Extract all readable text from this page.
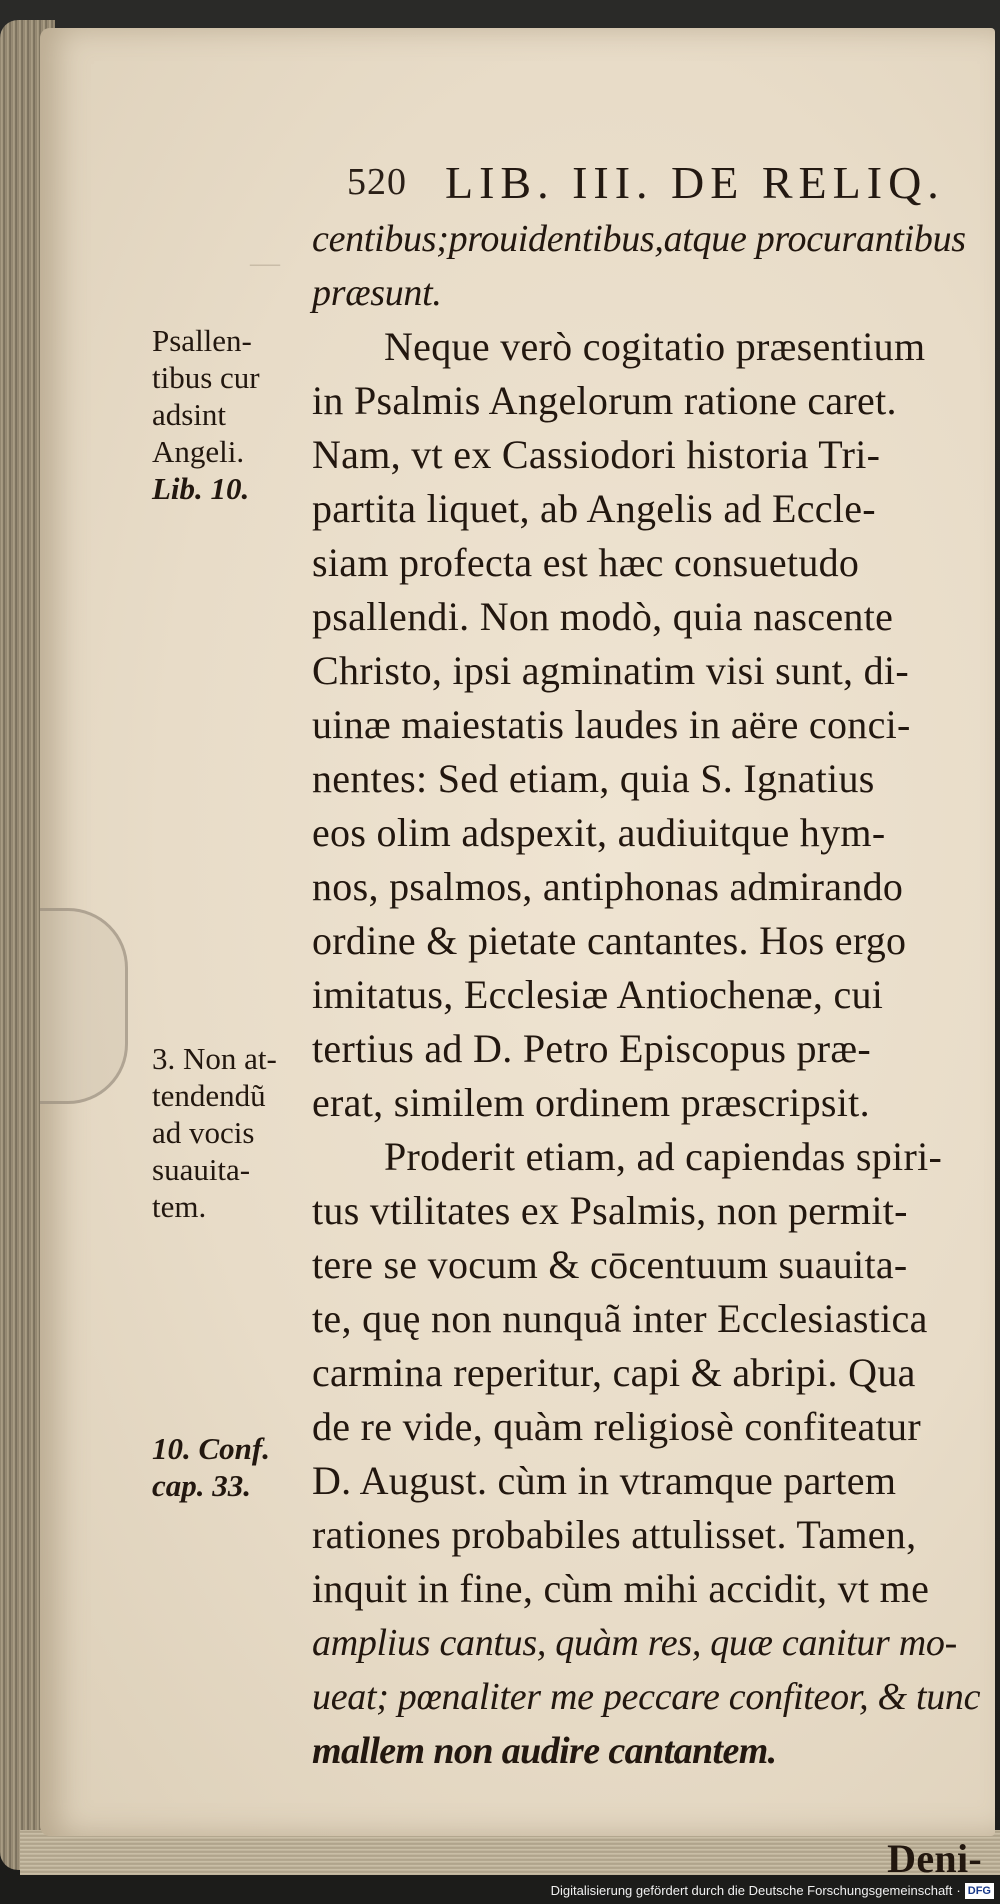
—
520 LIB. III. DE RELIQ.
centibus;prouidentibus,atque procurantibus
præsunt.
Neque verò cogitatio præsentium
in Psalmis Angelorum ratione caret.
Nam, vt ex Cassiodori historia Tri-
partita liquet, ab Angelis ad Eccle-
siam profecta est hæc consuetudo
psallendi. Non modò, quia nascente
Christo, ipsi agminatim visi sunt, di-
uinæ maiestatis laudes in aëre conci-
nentes: Sed etiam, quia S. Ignatius
eos olim adspexit, audiuitque hym-
nos, psalmos, antiphonas admirando
ordine & pietate cantantes. Hos ergo
imitatus, Ecclesiæ Antiochenæ, cui
tertius ad D. Petro Episcopus præ-
erat, similem ordinem præscripsit.
Proderit etiam, ad capiendas spiri-
tus vtilitates ex Psalmis, non permit-
tere se vocum & cōcentuum suauita-
te, quę non nunquã inter Ecclesiastica
carmina reperitur, capi & abripi. Qua
de re vide, quàm religiosè confiteatur
D. August. cùm in vtramque partem
rationes probabiles attulisset. Tamen,
inquit in fine, cùm mihi accidit, vt me
amplius cantus, quàm res, quæ canitur mo-
ueat; pœnaliter me peccare confiteor, & tunc
mallem non audire cantantem.
Deni-
Psallen-
tibus cur
adsint
Angeli.
Lib. 10.
3. Non at-
tendendũ
ad vocis
suauita-
tem.
10. Conf.
cap. 33.
Digitalisierung gefördert durch die Deutsche Forschungsgemeinschaft · DFG
